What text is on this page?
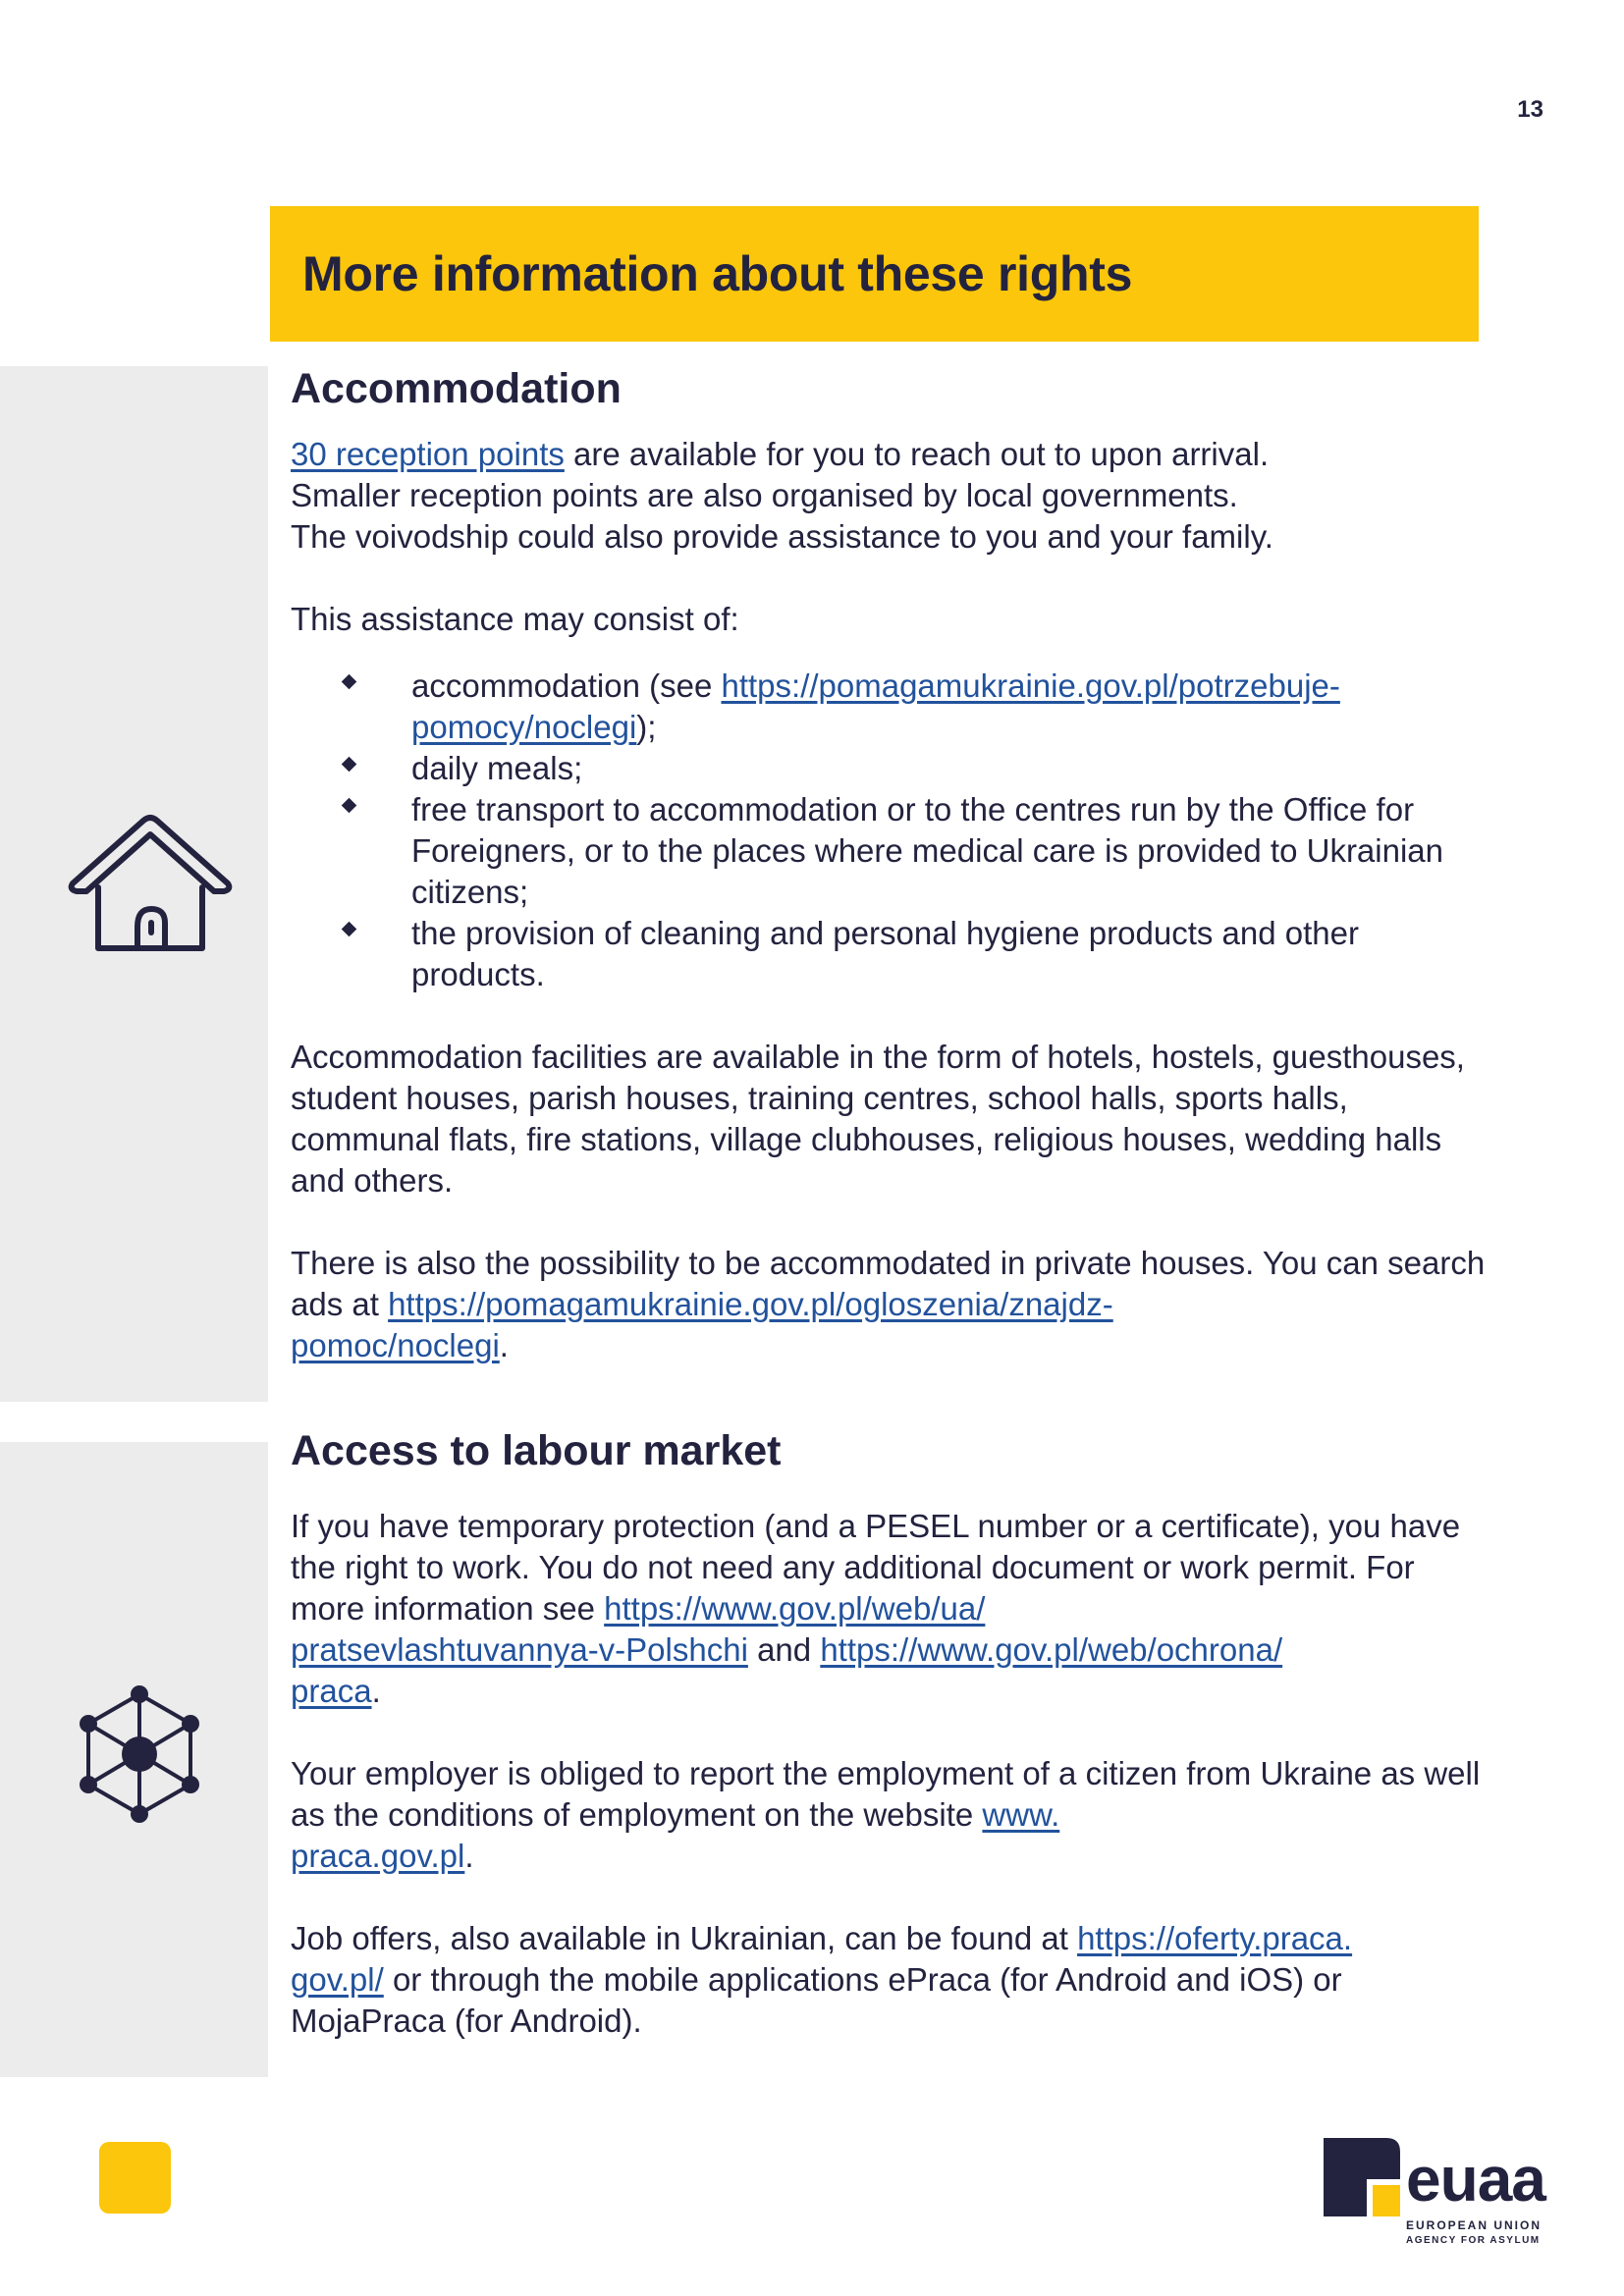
13
More information about these rights
Accommodation

30 reception points are available for you to reach out to upon arrival.
Smaller reception points are also organised by local governments.
The voivodship could also provide assistance to you and your family.

This assistance may consist of:

accommodation (see https://pomagamukrainie.gov.pl/potrzebuje-
pomocy/noclegi);
daily meals;
free transport to accommodation or to the centres run by the Office for Foreigners, or to the places where medical care is provided to Ukrainian citizens;
the provision of cleaning and personal hygiene products and other products.

Accommodation facilities are available in the form of hotels, hostels, guesthouses, student houses, parish houses, training centres, school halls, sports halls, communal flats, fire stations, village clubhouses, religious houses, wedding halls and others.

There is also the possibility to be accommodated in private houses. You can search ads at https://pomagamukrainie.gov.pl/ogloszenia/znajdz-
pomoc/noclegi.

Access to labour market

If you have temporary protection (and a PESEL number or a certificate), you have the right to work. You do not need any additional document or work permit. For more information see https://www.gov.pl/web/ua/
pratsevlashtuvannya-v-Polshchi and https://www.gov.pl/web/ochrona/
praca.

Your employer is obliged to report the employment of a citizen from Ukraine as well as the conditions of employment on the website www.
praca.gov.pl.

Job offers, also available in Ukrainian, can be found at https://oferty.praca.
gov.pl/ or through the mobile applications ePraca (for Android and iOS) or MojaPraca (for Android).

euaa
EUROPEAN UNION
AGENCY FOR ASYLUM
